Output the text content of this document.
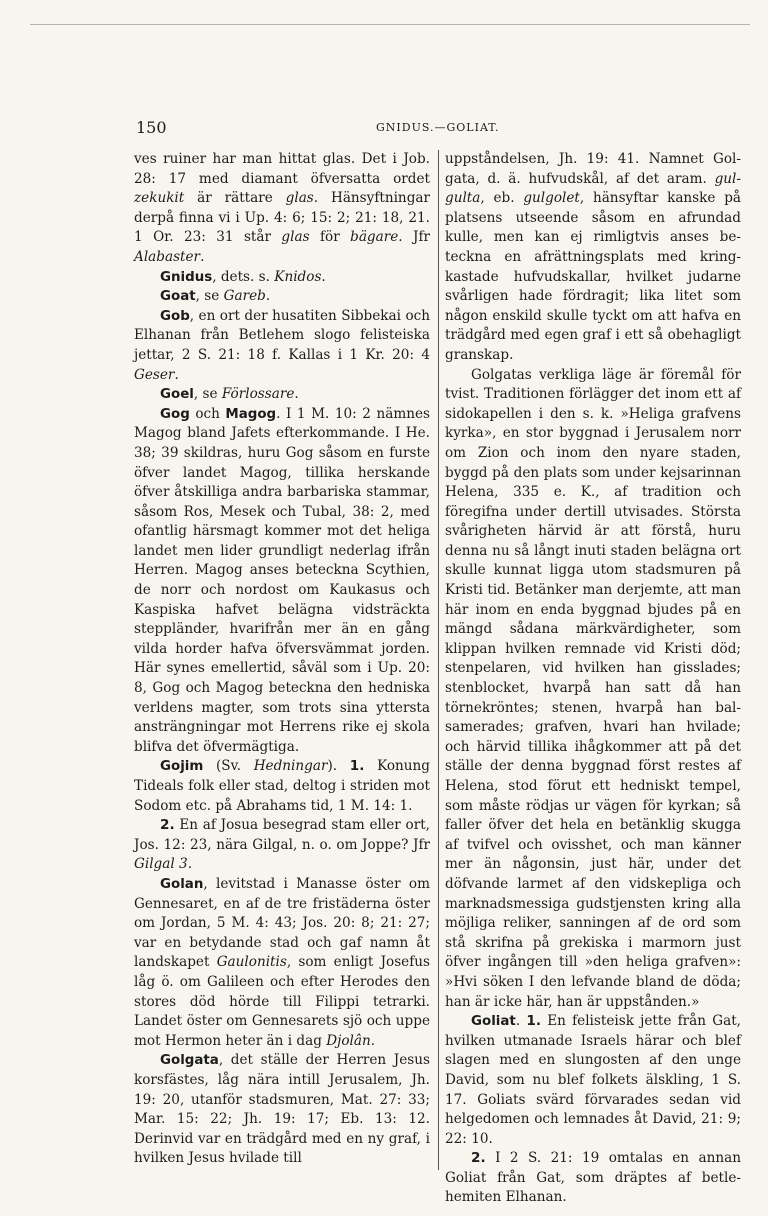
150	GNIDUS.—GOLIAT.

ves ruiner har man hittat glas. Det i Job. 28: 17 med diamant öfversatta ordet zekukit är rättare glas. Hänsyftningar derpå finna vi i Up. 4: 6; 15: 2; 21: 18, 21. 1 Or. 23: 31 står glas för bägare. Jfr Alabaster.

Gnidus, dets. s. Knidos.

Goat, se Gareb.

Gob, en ort der husatiten Sibbekai och Elhanan från Betlehem slogo felisteiska jettar, 2 S. 21: 18 f. Kallas i 1 Kr. 20: 4 Geser.

Goel, se Förlossare.

Gog och Magog. I 1 M. 10: 2 nämnes Magog bland Jafets efterkommande. I He. 38; 39 skildras, huru Gog såsom en furste öfver landet Magog, tillika herskande öfver åtskilliga andra barbariska stammar, såsom Ros, Mesek och Tubal, 38: 2, med ofantlig härsmagt kommer mot det heliga landet men lider grundligt nederlag ifrån Herren. Magog anses beteckna Scythien, de norr och nordost om Kaukasus och Kaspiska hafvet belägna vidsträckta steppländer, hvarifrån mer än en gång vilda horder hafva öfversvämmat jorden. Här synes emellertid, såväl som i Up. 20: 8, Gog och Magog beteckna den hedniska verldens magter, som trots sina yttersta ansträngningar mot Herrens rike ej skola blifva det öfvermägtiga.

Gojim (Sv. Hedningar). 1. Konung Tideals folk eller stad, deltog i striden mot Sodom etc. på Abrahams tid, 1 M. 14: 1.

2. En af Josua besegrad stam eller ort, Jos. 12: 23, nära Gilgal, n. o. om Joppe? Jfr Gilgal 3.

Golan, levitstad i Manasse öster om Gennesaret, en af de tre fristäderna öster om Jordan, 5 M. 4: 43; Jos. 20: 8; 21: 27; var en betydande stad och gaf namn åt landskapet Gaulonitis, som enligt Josefus låg ö. om Galileen och efter Herodes den stores död hörde till Filippi tetrarki. Landet öster om Gennesarets sjö och uppe mot Hermon heter än i dag Djolân.

Golgata, det ställe der Herren Jesus korsfästes, låg nära intill Jerusalem, Jh. 19: 20, utanför stadsmuren, Mat. 27: 33; Mar. 15: 22; Jh. 19: 17; Eb. 13: 12. Derinvid var en trädgård med en ny graf, i hvilken Jesus hvilade till

uppståndelsen, Jh. 19: 41. Namnet Golgata, d. ä. hufvudskål, af det aram. gulgulta, eb. gulgolet, hänsyftar kanske på platsens utseende såsom en afrundad kulle, men kan ej rimligtvis anses beteckna en afrättningsplats med kringkastade hufvudskallar, hvilket judarne svårligen hade fördragit; lika litet som någon enskild skulle tyckt om att hafva en trädgård med egen graf i ett så obehagligt granskap.

Golgatas verkliga läge är föremål för tvist. Traditionen förlägger det inom ett af sidokapellen i den s. k. »Heliga grafvens kyrka», en stor byggnad i Jerusalem norr om Zion och inom den nyare staden, byggd på den plats som under kejsarinnan Helena, 335 e. K., af tradition och föregifna under dertill utvisades. Största svårigheten härvid är att förstå, huru denna nu så långt inuti staden belägna ort skulle kunnat ligga utom stadsmuren på Kristi tid. Betänker man derjemte, att man här inom en enda byggnad bjudes på en mängd sådana märkvärdigheter, som klippan hvilken remnade vid Kristi död; stenpelaren, vid hvilken han gisslades; stenblocket, hvarpå han satt då han törnekröntes; stenen, hvarpå han balsamerades; grafven, hvari han hvilade; och härvid tillika ihågkommer att på det ställe der denna byggnad först restes af Helena, stod förut ett hedniskt tempel, som måste rödjas ur vägen för kyrkan; så faller öfver det hela en betänklig skugga af tvifvel och ovisshet, och man känner mer än någonsin, just här, under det döfvande larmet af den vidskepliga och marknadsmessiga gudstjensten kring alla möjliga reliker, sanningen af de ord som stå skrifna på grekiska i marmorn just öfver ingången till »den heliga grafven»: »Hvi söken I den lefvande bland de döda; han är icke här, han är uppstånden.»

Goliat. 1. En felisteisk jette från Gat, hvilken utmanade Israels härar och blef slagen med en slungosten af den unge David, som nu blef folkets älskling, 1 S. 17. Goliats svärd förvarades sedan vid helgedomen och lemnades åt David, 21: 9; 22: 10.

2. I 2 S. 21: 19 omtalas en annan Goliat från Gat, som dräptes af betlehemiten Elhanan.
